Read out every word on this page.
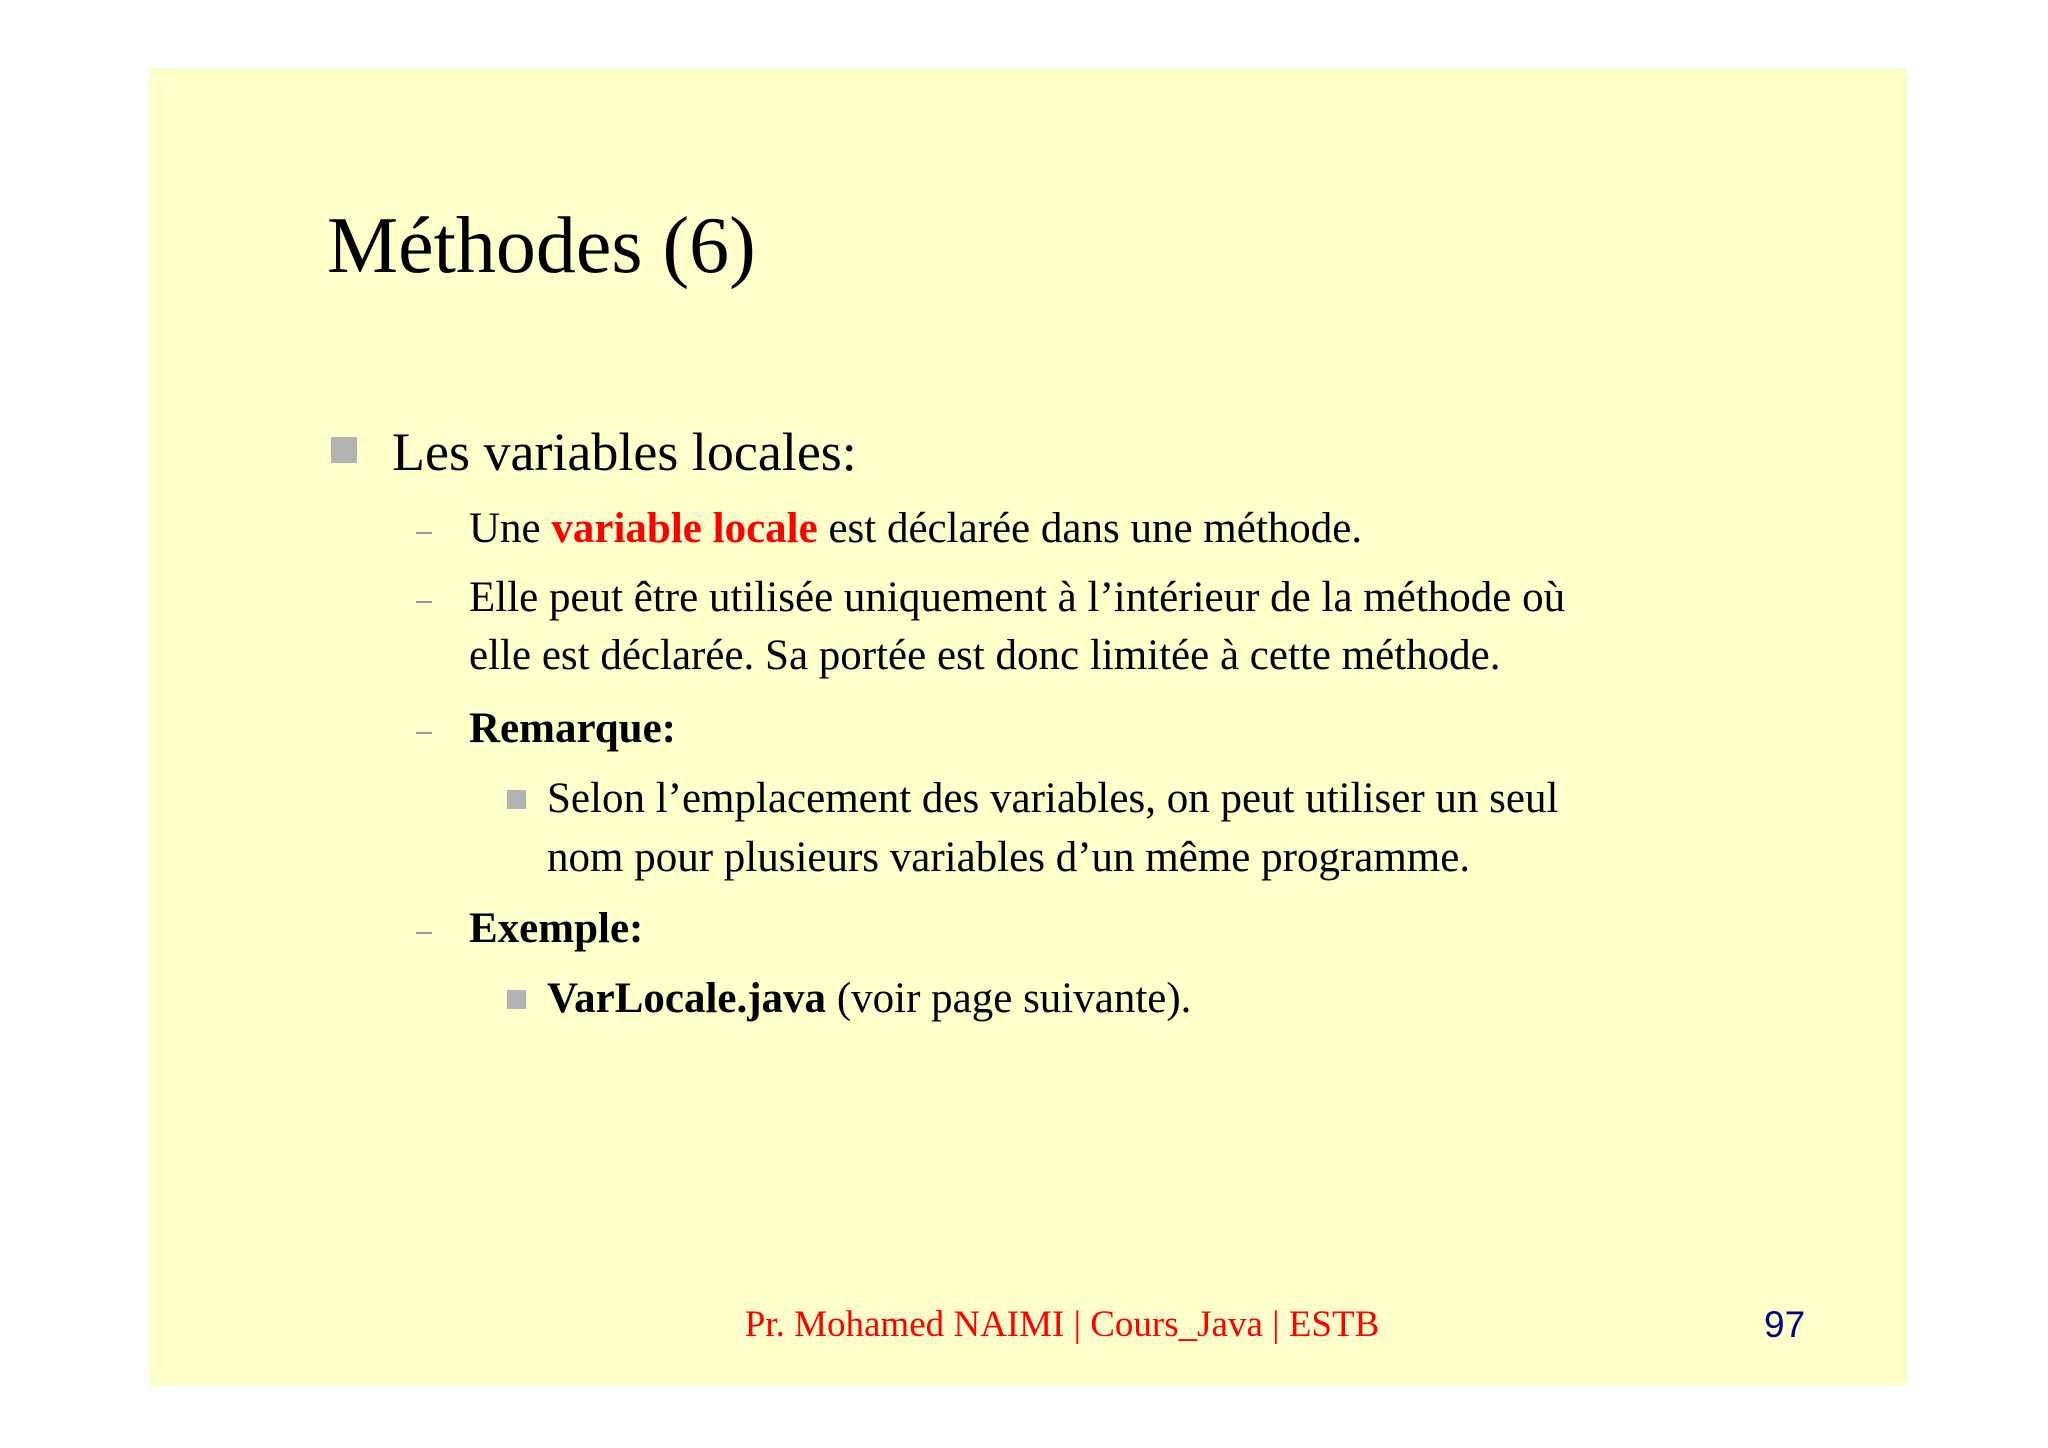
Méthodes (6)
Les variables locales:
Une variable locale est déclarée dans une méthode.
Elle peut être utilisée uniquement à l’intérieur de la méthode où
elle est déclarée. Sa portée est donc limitée à cette méthode.
Remarque:
Selon l’emplacement des variables, on peut utiliser un seul
nom pour plusieurs variables d’un même programme.
Exemple:
VarLocale.java (voir page suivante).
Pr. Mohamed NAIMI | Cours_Java | ESTB	97
